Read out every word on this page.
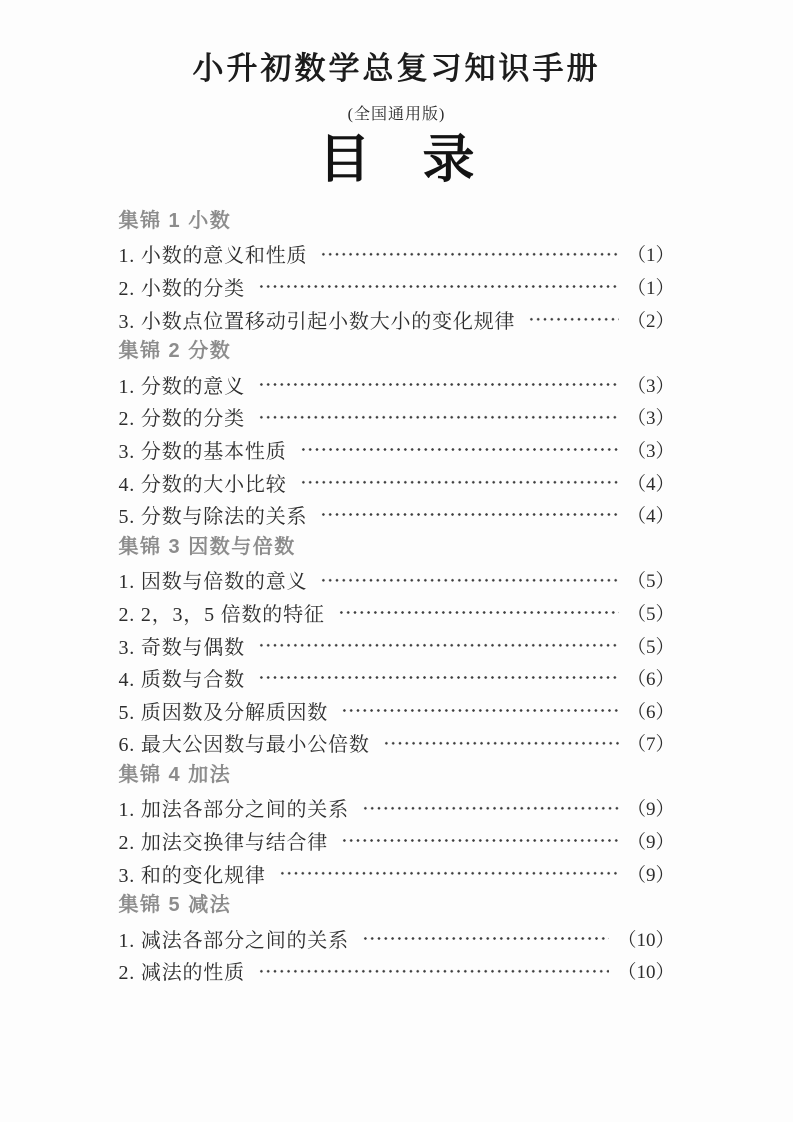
小升初数学总复习知识手册
(全国通用版)
目　录
集锦 1 小数
1. 小数的意义和性质	（1）
2. 小数的分类	（1）
3. 小数点位置移动引起小数大小的变化规律	（2）
集锦 2 分数
1. 分数的意义	（3）
2. 分数的分类	（3）
3. 分数的基本性质	（3）
4. 分数的大小比较	（4）
5. 分数与除法的关系	（4）
集锦 3 因数与倍数
1. 因数与倍数的意义	（5）
2. 2，3，5 倍数的特征	（5）
3. 奇数与偶数	（5）
4. 质数与合数	（6）
5. 质因数及分解质因数	（6）
6. 最大公因数与最小公倍数	（7）
集锦 4 加法
1. 加法各部分之间的关系	（9）
2. 加法交换律与结合律	（9）
3. 和的变化规律	（9）
集锦 5 减法
1. 减法各部分之间的关系	（10）
2. 减法的性质	（10）
